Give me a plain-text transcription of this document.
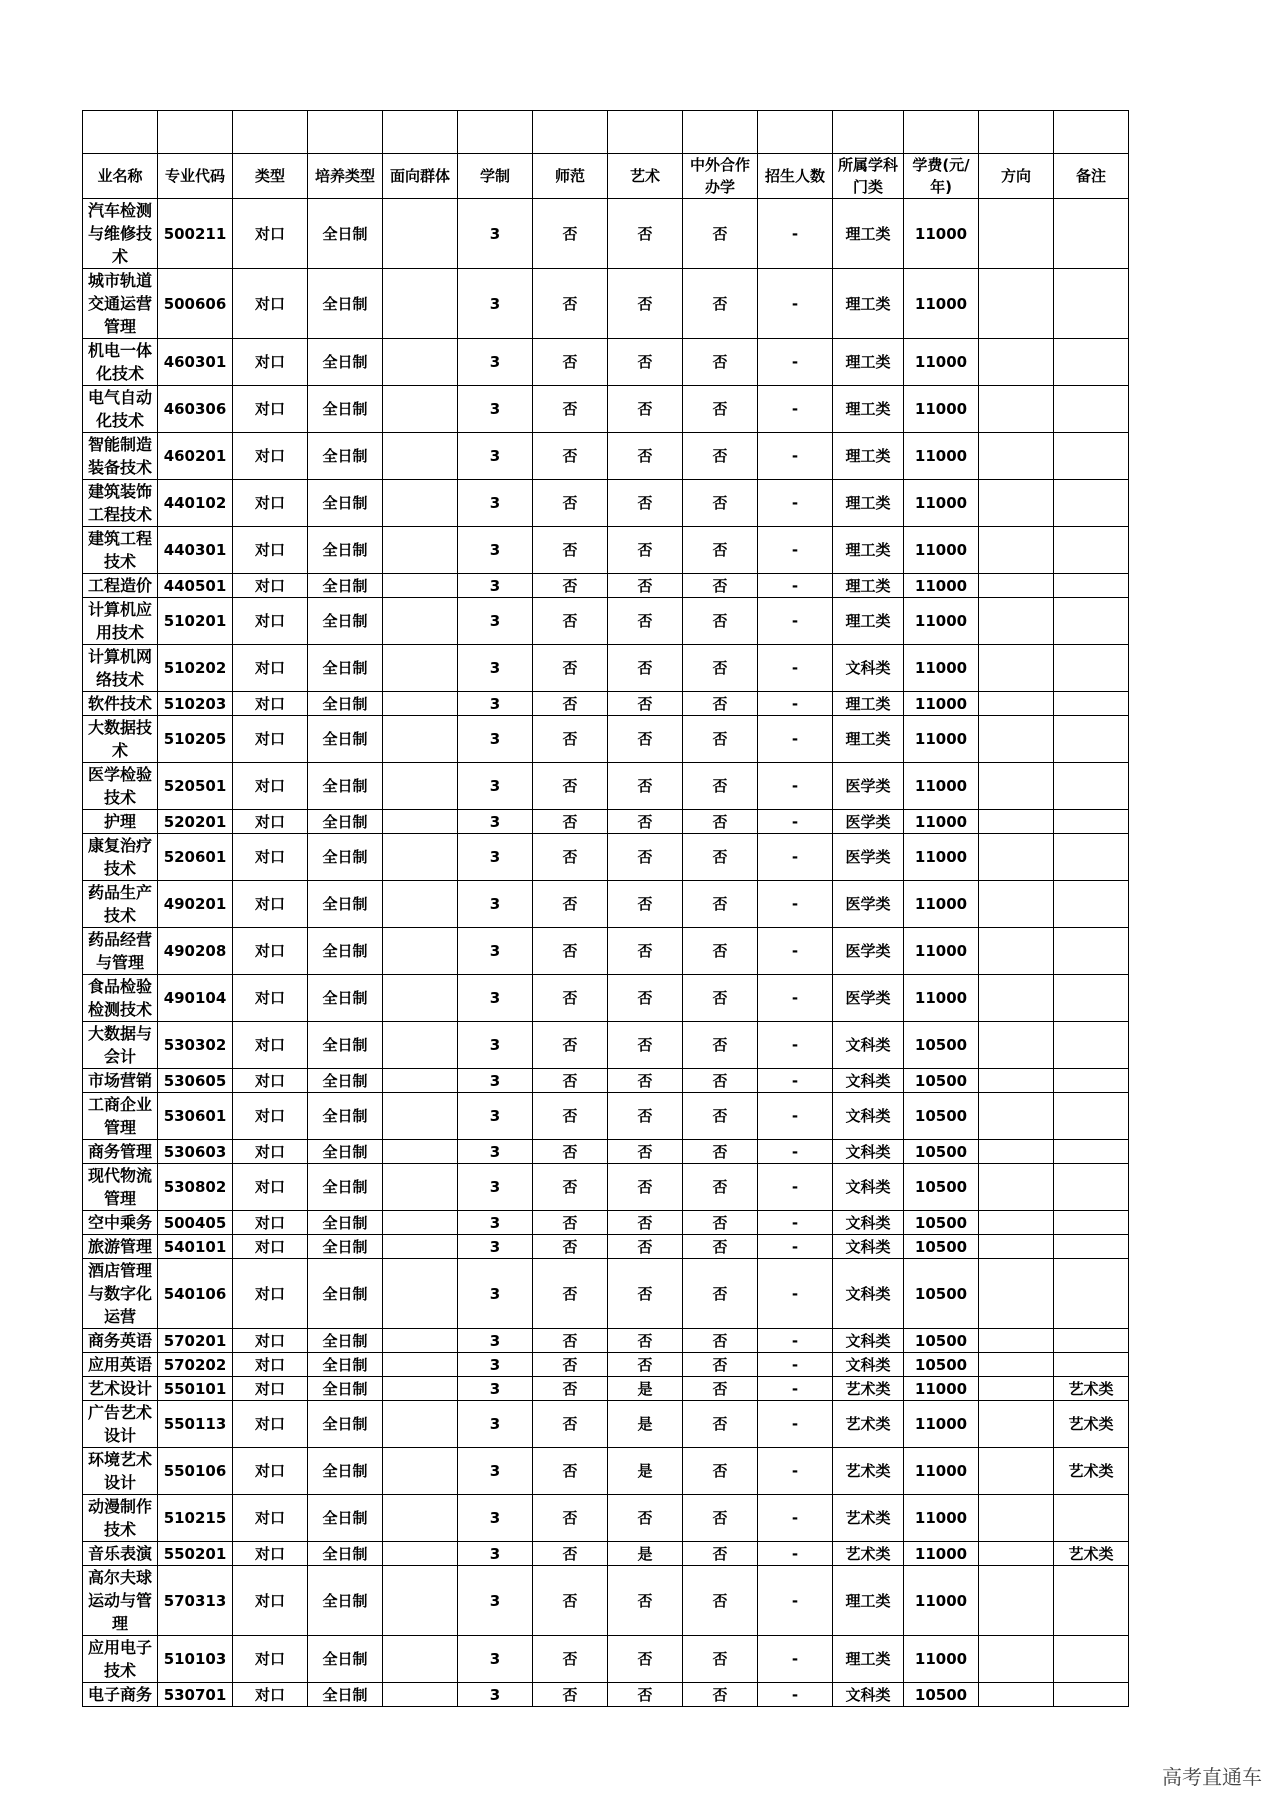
业名称	专业代码	类型	培养类型	面向群体	学制	师范	艺术	中外合作办学	招生人数	所属学科门类	学费(元/年)	方向	备注
汽车检测与维修技术	500211	对口	全日制		3	否	否	否	-	理工类	11000		
城市轨道交通运营管理	500606	对口	全日制		3	否	否	否	-	理工类	11000		
机电一体化技术	460301	对口	全日制		3	否	否	否	-	理工类	11000		
电气自动化技术	460306	对口	全日制		3	否	否	否	-	理工类	11000		
智能制造装备技术	460201	对口	全日制		3	否	否	否	-	理工类	11000		
建筑装饰工程技术	440102	对口	全日制		3	否	否	否	-	理工类	11000		
建筑工程技术	440301	对口	全日制		3	否	否	否	-	理工类	11000		
工程造价	440501	对口	全日制		3	否	否	否	-	理工类	11000		
计算机应用技术	510201	对口	全日制		3	否	否	否	-	理工类	11000		
计算机网络技术	510202	对口	全日制		3	否	否	否	-	文科类	11000		
软件技术	510203	对口	全日制		3	否	否	否	-	理工类	11000		
大数据技术	510205	对口	全日制		3	否	否	否	-	理工类	11000		
医学检验技术	520501	对口	全日制		3	否	否	否	-	医学类	11000		
护理	520201	对口	全日制		3	否	否	否	-	医学类	11000		
康复治疗技术	520601	对口	全日制		3	否	否	否	-	医学类	11000		
药品生产技术	490201	对口	全日制		3	否	否	否	-	医学类	11000		
药品经营与管理	490208	对口	全日制		3	否	否	否	-	医学类	11000		
食品检验检测技术	490104	对口	全日制		3	否	否	否	-	医学类	11000		
大数据与会计	530302	对口	全日制		3	否	否	否	-	文科类	10500		
市场营销	530605	对口	全日制		3	否	否	否	-	文科类	10500		
工商企业管理	530601	对口	全日制		3	否	否	否	-	文科类	10500		
商务管理	530603	对口	全日制		3	否	否	否	-	文科类	10500		
现代物流管理	530802	对口	全日制		3	否	否	否	-	文科类	10500		
空中乘务	500405	对口	全日制		3	否	否	否	-	文科类	10500		
旅游管理	540101	对口	全日制		3	否	否	否	-	文科类	10500		
酒店管理与数字化运营	540106	对口	全日制		3	否	否	否	-	文科类	10500		
商务英语	570201	对口	全日制		3	否	否	否	-	文科类	10500		
应用英语	570202	对口	全日制		3	否	否	否	-	文科类	10500		
艺术设计	550101	对口	全日制		3	否	是	否	-	艺术类	11000		艺术类
广告艺术设计	550113	对口	全日制		3	否	是	否	-	艺术类	11000		艺术类
环境艺术设计	550106	对口	全日制		3	否	是	否	-	艺术类	11000		艺术类
动漫制作技术	510215	对口	全日制		3	否	否	否	-	艺术类	11000		
音乐表演	550201	对口	全日制		3	否	是	否	-	艺术类	11000		艺术类
高尔夫球运动与管理	570313	对口	全日制		3	否	否	否	-	理工类	11000		
应用电子技术	510103	对口	全日制		3	否	否	否	-	理工类	11000		
电子商务	530701	对口	全日制		3	否	否	否	-	文科类	10500		
高考直通车
